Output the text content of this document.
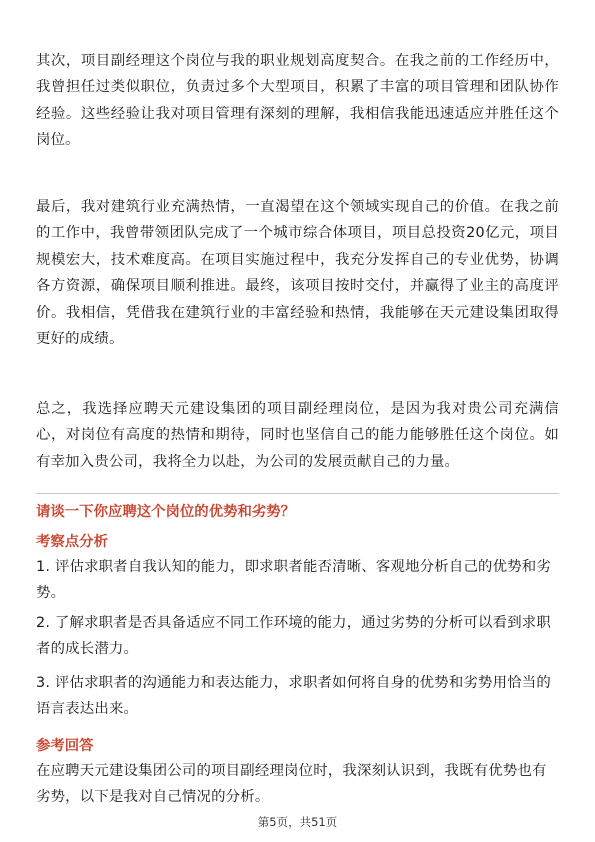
其次，项目副经理这个岗位与我的职业规划高度契合。在我之前的工作经历中，我曾担任过类似职位，负责过多个大型项目，积累了丰富的项目管理和团队协作经验。这些经验让我对项目管理有深刻的理解，我相信我能迅速适应并胜任这个岗位。

最后，我对建筑行业充满热情，一直渴望在这个领域实现自己的价值。在我之前的工作中，我曾带领团队完成了一个城市综合体项目，项目总投资20亿元，项目规模宏大，技术难度高。在项目实施过程中，我充分发挥自己的专业优势，协调各方资源，确保项目顺利推进。最终，该项目按时交付，并赢得了业主的高度评价。我相信，凭借我在建筑行业的丰富经验和热情，我能够在天元建设集团取得更好的成绩。

总之，我选择应聘天元建设集团的项目副经理岗位，是因为我对贵公司充满信心，对岗位有高度的热情和期待，同时也坚信自己的能力能够胜任这个岗位。如有幸加入贵公司，我将全力以赴，为公司的发展贡献自己的力量。

请谈一下你应聘这个岗位的优势和劣势？

考察点分析

1. 评估求职者自我认知的能力，即求职者能否清晰、客观地分析自己的优势和劣势。

2. 了解求职者是否具备适应不同工作环境的能力，通过劣势的分析可以看到求职者的成长潜力。

3. 评估求职者的沟通能力和表达能力，求职者如何将自身的优势和劣势用恰当的语言表达出来。

参考回答

在应聘天元建设集团公司的项目副经理岗位时，我深刻认识到，我既有优势也有劣势，以下是我对自己情况的分析。

第5页，共51页
